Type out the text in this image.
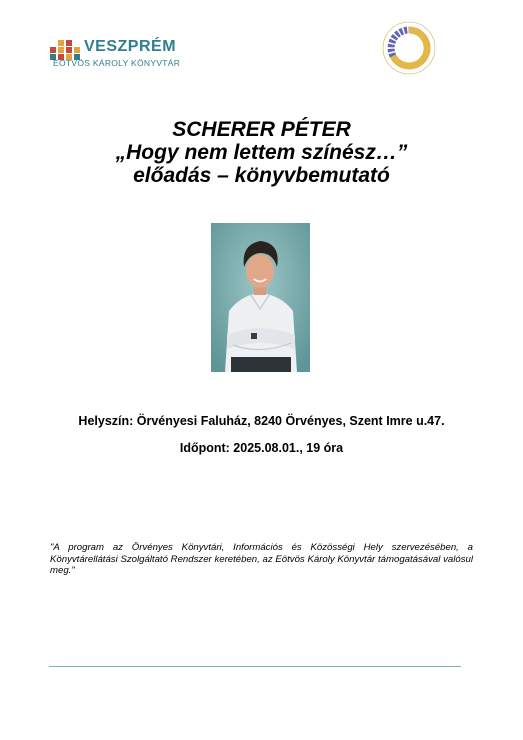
VESZPRÉM
EÖTVÖS KÁROLY KÖNYVTÁR
SCHERER PÉTER
„Hogy nem lettem színész…”
előadás – könyvbemutató
Helyszín: Örvényesi Faluház, 8240 Örvényes, Szent Imre u.47.
Időpont: 2025.08.01., 19 óra
"A program az Örvényes Könyvtári, Információs és Közösségi Hely szervezésében, a Könyvtárellátási Szolgáltató Rendszer keretében, az Eötvös Károly Könyvtár támogatásával valósul meg."
